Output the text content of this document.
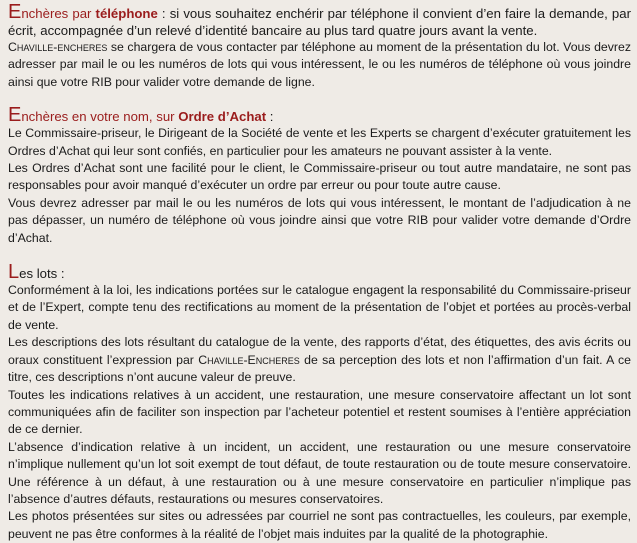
Enchères par téléphone : si vous souhaitez enchérir par téléphone il convient d’en faire la demande, par écrit, accompagnée d’un relevé d’identité bancaire au plus tard quatre jours avant la vente.

Chaville-encheres se chargera de vous contacter par téléphone au moment de la présentation du lot. Vous devrez adresser par mail le ou les numéros de lots qui vous intéressent, le ou les numéros de téléphone où vous joindre ainsi que votre RIB pour valider votre demande de ligne.

Enchères en votre nom, sur Ordre d’Achat :

Le Commissaire-priseur, le Dirigeant de la Société de vente et les Experts se chargent d’exécuter gratuitement les Ordres d’Achat qui leur sont confiés, en particulier pour les amateurs ne pouvant assister à la vente.

Les Ordres d’Achat sont une facilité pour le client, le Commissaire-priseur ou tout autre mandataire, ne sont pas responsables pour avoir manqué d’exécuter un ordre par erreur ou pour toute autre cause.

Vous devrez adresser par mail le ou les numéros de lots qui vous intéressent, le montant de l’adjudication à ne pas dépasser, un numéro de téléphone où vous joindre ainsi que votre RIB pour valider votre demande d’Ordre d’Achat.

Les lots :

Conformément à la loi, les indications portées sur le catalogue engagent la responsabilité du Commissaire-priseur et de l’Expert, compte tenu des rectifications au moment de la présentation de l’objet et portées au procès-verbal de vente.

Les descriptions des lots résultant du catalogue de la vente, des rapports d’état, des étiquettes, des avis écrits ou oraux constituent l’expression par Chaville-Encheres de sa perception des lots et non l’affirmation d’un fait. A ce titre, ces descriptions n’ont aucune valeur de preuve.

Toutes les indications relatives à un accident, une restauration, une mesure conservatoire affectant un lot sont communiquées afin de faciliter son inspection par l’acheteur potentiel et restent soumises à l’entière appréciation de ce dernier.

L’absence d’indication relative à un incident, un accident, une restauration ou une mesure conservatoire n’implique nullement qu’un lot soit exempt de tout défaut, de toute restauration ou de toute mesure conservatoire. Une référence à un défaut, à une restauration ou à une mesure conservatoire en particulier n’implique pas l’absence d’autres défauts, restaurations ou mesures conservatoires.

Les photos présentées sur sites ou adressées par courriel ne sont pas contractuelles, les couleurs, par exemple, peuvent ne pas être conformes à la réalité de l’objet mais induites par la qualité de la photographie.
